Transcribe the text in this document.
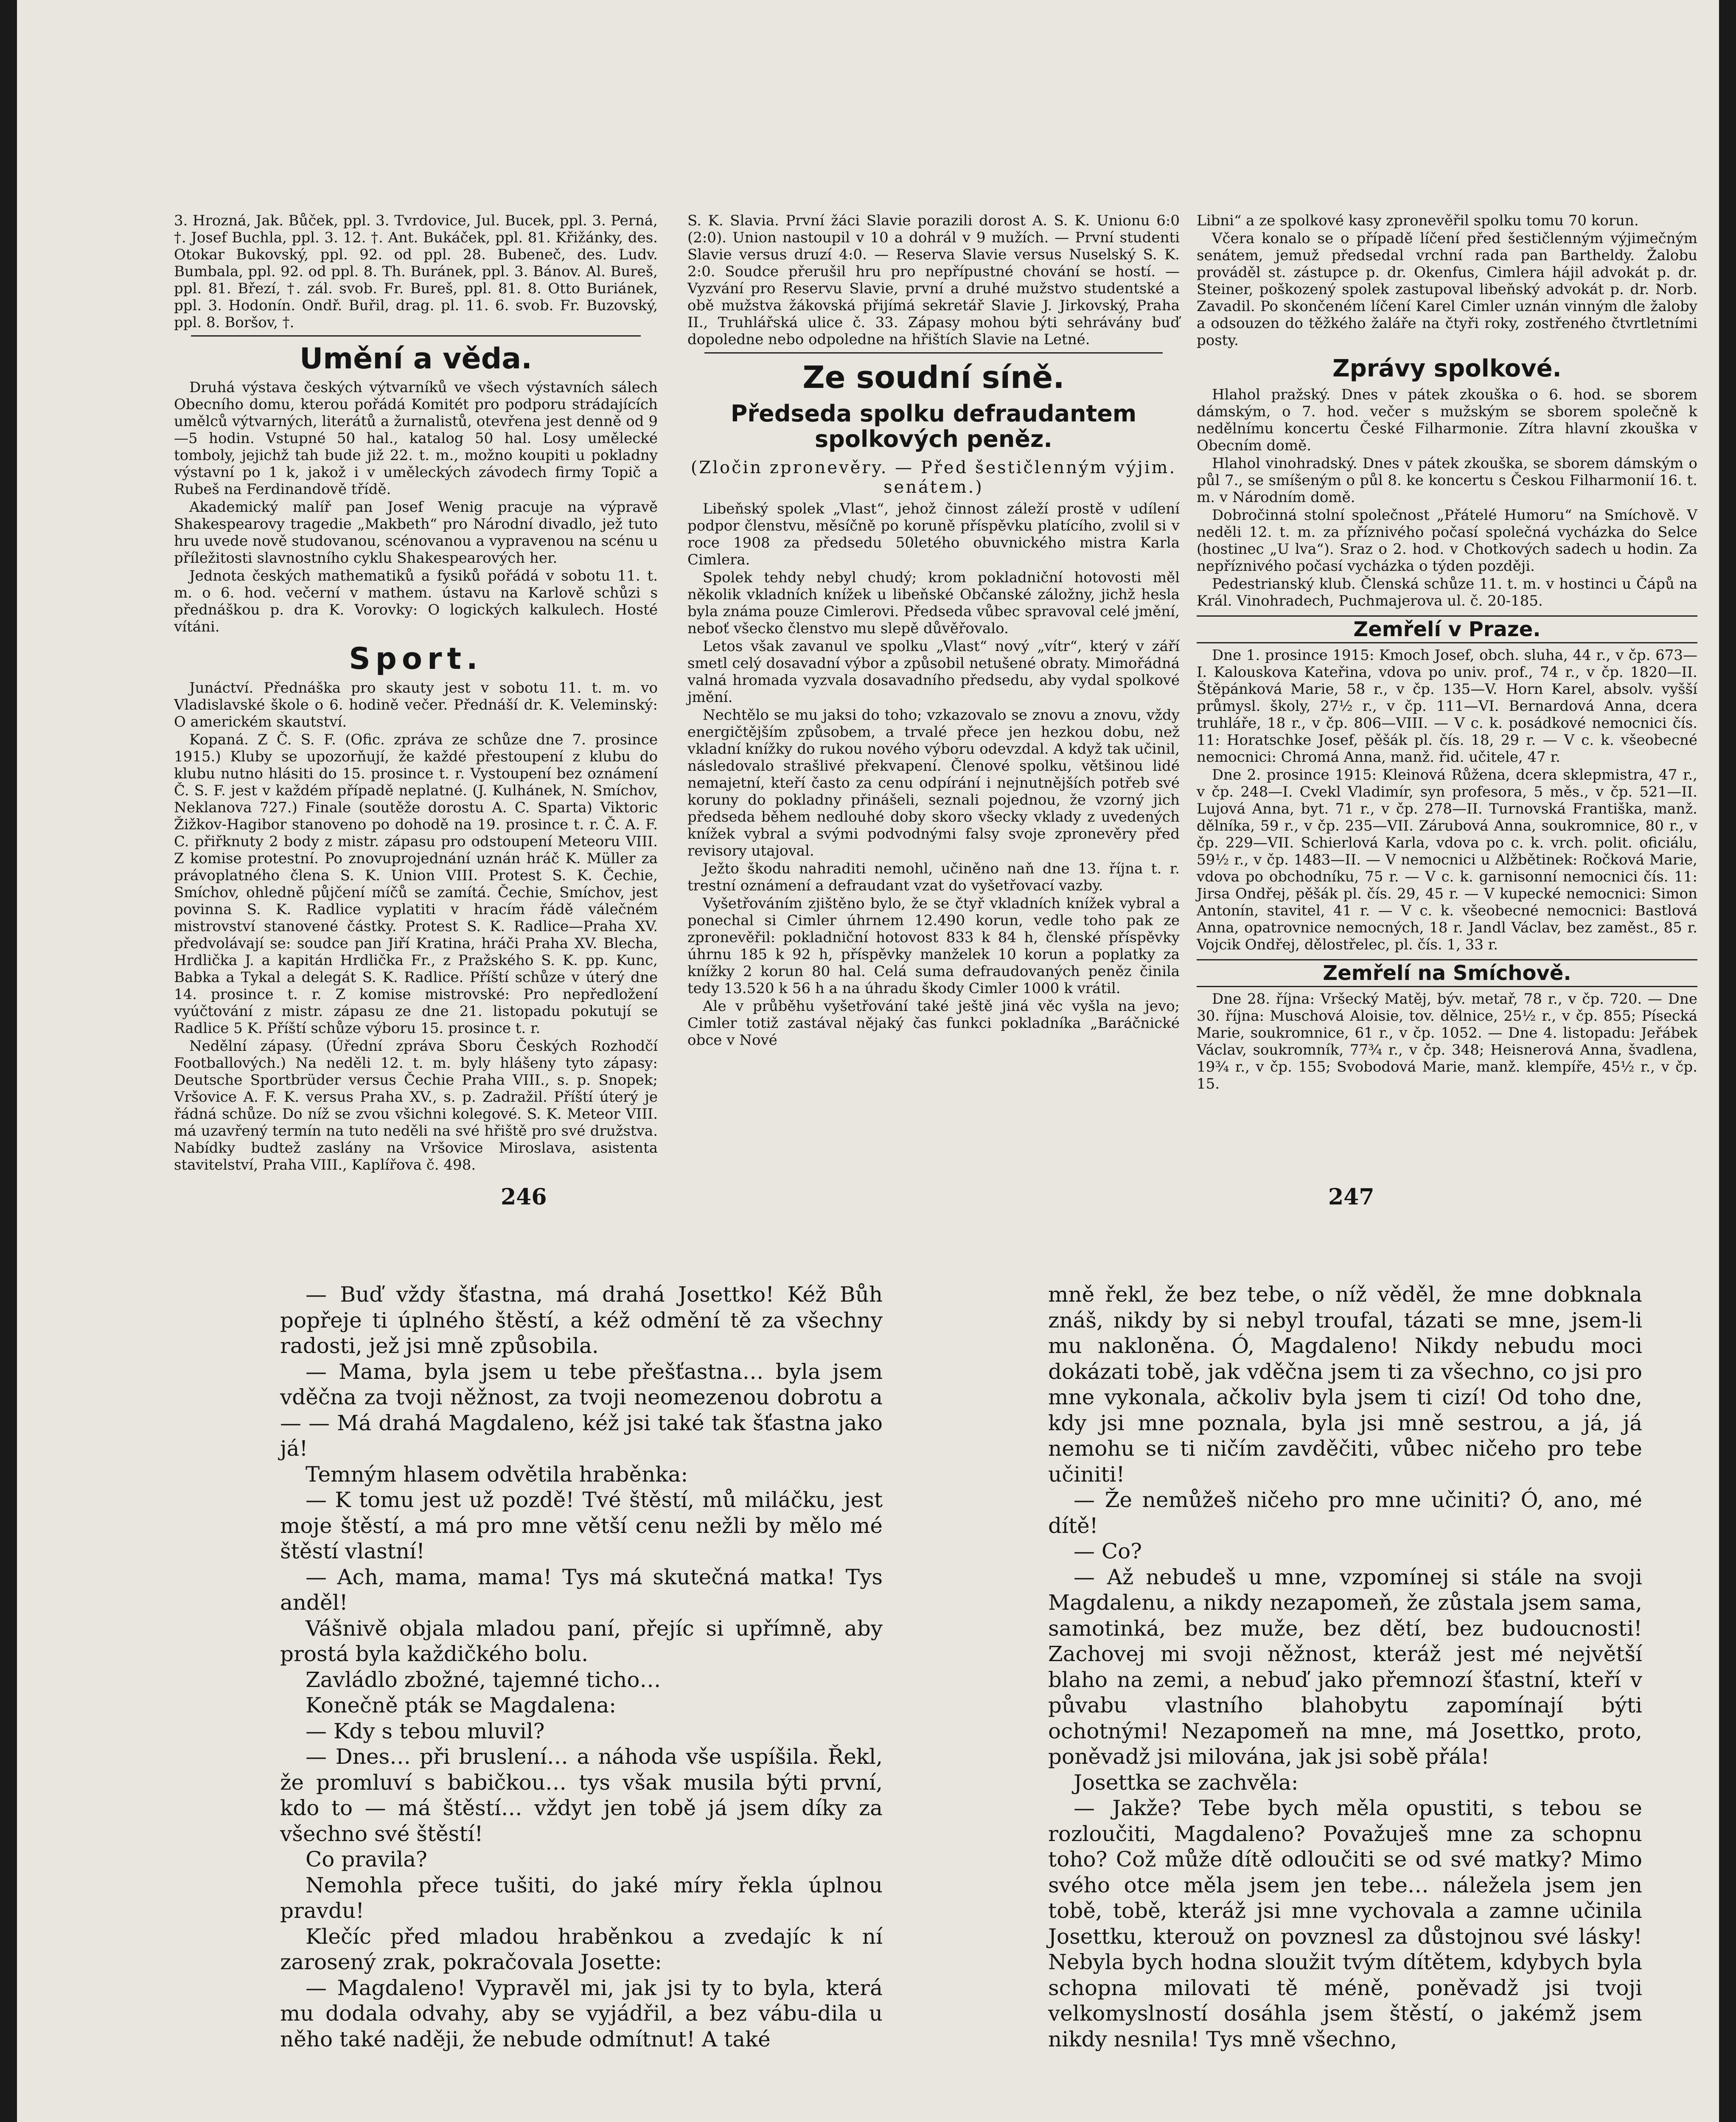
3. Hrozná, Jak. Bůček, ppl. 3. Tvrdovice, Jul. Bucek, ppl. 3. Perná, †. Josef Buchla, ppl. 3. 12. †. Ant. Bukáček, ppl. 81. Křižánky, des. Otokar Bukovský, ppl. 92. od ppl. 28. Bubeneč, des. Ludv. Bumbala, ppl. 92. od ppl. 8. Th. Buránek, ppl. 3. Bánov. Al. Bureš, ppl. 81. Březí, †. zál. svob. Fr. Bureš, ppl. 81. 8. Otto Buriánek, ppl. 3. Hodonín. Ondř. Buřil, drag. pl. 11. 6. svob. Fr. Buzovský, ppl. 8. Boršov, †.

Umění a věda.

Druhá výstava českých výtvarníků ve všech výstavních sálech Obecního domu, kterou pořádá Komitét pro podporu strádajících umělců výtvarných, literátů a žurnalistů, otevřena jest denně od 9—5 hodin. Vstupné 50 hal., katalog 50 hal. Losy umělecké tomboly, jejichž tah bude již 22. t. m., možno koupiti u pokladny výstavní po 1 k, jakož i v uměleckých závodech firmy Topič a Rubeš na Ferdinandově třídě.

Akademický malíř pan Josef Wenig pracuje na výpravě Shakespearovy tragedie „Makbeth“ pro Národní divadlo, jež tuto hru uvede nově studovanou, scénovanou a vypravenou na scénu u příležitosti slavnostního cyklu Shakespearových her.

Jednota českých mathematiků a fysiků pořádá v sobotu 11. t. m. o 6. hod. večerní v mathem. ústavu na Karlově schůzi s přednáškou p. dra K. Vorovky: O logických kalkulech. Hosté vítáni.

Sport.

Junáctví. Přednáška pro skauty jest v sobotu 11. t. m. vo Vladislavské škole o 6. hodině večer. Přednáší dr. K. Veleminský: O americkém skautství.

Kopaná. Z Č. S. F. (Ofic. zpráva ze schůze dne 7. prosince 1915.) Kluby se upozorňují, že každé přestoupení z klubu do klubu nutno hlásiti do 15. prosince t. r. Vystoupení bez oznámení Č. S. F. jest v každém případě neplatné. (J. Kulhánek, N. Smíchov, Neklanova 727.) Finale (soutěže dorostu A. C. Sparta) Viktoric Žižkov-Hagibor stanoveno po dohodě na 19. prosince t. r. Č. A. F. C. přiřknuty 2 body z mistr. zápasu pro odstoupení Meteoru VIII. Z komise protestní. Po znovuprojednání uznán hráč K. Müller za právoplatného člena S. K. Union VIII. Protest S. K. Čechie, Smíchov, ohledně půjčení míčů se zamítá. Čechie, Smíchov, jest povinna S. K. Radlice vyplatiti v hracím řádě válečném mistrovství stanovené částky. Protest S. K. Radlice—Praha XV. předvolávají se: soudce pan Jiří Kratina, hráči Praha XV. Blecha, Hrdlička J. a kapitán Hrdlička Fr., z Pražského S. K. pp. Kunc, Babka a Tykal a delegát S. K. Radlice. Příští schůze v úterý dne 14. prosince t. r. Z komise mistrovské: Pro nepředložení vyúčtování z mistr. zápasu ze dne 21. listopadu pokutují se Radlice 5 K. Příští schůze výboru 15. prosince t. r.

Nedělní zápasy. (Úřední zpráva Sboru Českých Rozhodčí Footballových.) Na neděli 12. t. m. byly hlášeny tyto zápasy: Deutsche Sportbrüder versus Čechie Praha VIII., s. p. Snopek; Vršovice A. F. K. versus Praha XV., s. p. Zadražil. Příští úterý je řádná schůze. Do níž se zvou všichni kolegové. S. K. Meteor VIII. má uzavřený termín na tuto neděli na své hřiště pro své družstva. Nabídky budtež zaslány na Vršovice Miroslava, asistenta stavitelství, Praha VIII., Kaplířova č. 498.

S. K. Slavia. První žáci Slavie porazili dorost A. S. K. Unionu 6:0 (2:0). Union nastoupil v 10 a dohrál v 9 mužích. — První studenti Slavie versus druzí 4:0. — Reserva Slavie versus Nuselský S. K. 2:0. Soudce přerušil hru pro nepřípustné chování se hostí. — Vyzvání pro Reservu Slavie, první a druhé mužstvo studentské a obě mužstva žákovská přijímá sekretář Slavie J. Jirkovský, Praha II., Truhlářská ulice č. 33. Zápasy mohou býti sehrávány buď dopoledne nebo odpoledne na hřištích Slavie na Letné.

Ze soudní síně.
Předseda spolku defraudantem spolkových peněz.
(Zločin zpronevěry. — Před šestičlenným výjim. senátem.)

Libeňský spolek „Vlast“, jehož činnost záleží prostě v udílení podpor členstvu, měsíčně po koruně příspěvku platícího, zvolil si v roce 1908 za předsedu 50letého obuvnického mistra Karla Cimlera.

Spolek tehdy nebyl chudý; krom pokladniční hotovosti měl několik vkladních knížek u libeňské Občanské záložny, jichž hesla byla známa pouze Cimlerovi. Předseda vůbec spravoval celé jmění, neboť všecko členstvo mu slepě důvěřovalo.

Letos však zavanul ve spolku „Vlast“ nový „vítr“, který v září smetl celý dosavadní výbor a způsobil netušené obraty. Mimořádná valná hromada vyzvala dosavadního předsedu, aby vydal spolkové jmění.

Nechtělo se mu jaksi do toho; vzkazovalo se znovu a znovu, vždy energičtějším způsobem, a trvalé přece jen hezkou dobu, než vkladní knížky do rukou nového výboru odevzdal. A když tak učinil, následovalo strašlivé překvapení. Členové spolku, většinou lidé nemajetní, kteří často za cenu odpírání i nejnutnějších potřeb své koruny do pokladny přinášeli, seznali pojednou, že vzorný jich předseda během nedlouhé doby skoro všecky vklady z uvedených knížek vybral a svými podvodnými falsy svoje zpronevěry před revisory utajoval.

Ježto škodu nahraditi nemohl, učiněno naň dne 13. října t. r. trestní oznámení a defraudant vzat do vyšetřovací vazby.

Vyšetřováním zjištěno bylo, že se čtyř vkladních knížek vybral a ponechal si Cimler úhrnem 12.490 korun, vedle toho pak ze zpronevěřil: pokladniční hotovost 833 k 84 h, členské příspěvky úhrnu 185 k 92 h, příspěvky manželek 10 korun a poplatky za knížky 2 korun 80 hal. Celá suma defraudovaných peněz činila tedy 13.520 k 56 h a na úhradu škody Cimler 1000 k vrátil.

Ale v průběhu vyšetřování také ještě jiná věc vyšla na jevo; Cimler totiž zastával nějaký čas funkci pokladníka „Baráčnické obce v Nové

Libni“ a ze spolkové kasy zpronevěřil spolku tomu 70 korun.

Včera konalo se o případě líčení před šestičlenným výjimečným senátem, jemuž předsedal vrchní rada pan Bartheldy. Žalobu prováděl st. zástupce p. dr. Okenfus, Cimlera hájil advokát p. dr. Steiner, poškozený spolek zastupoval libeňský advokát p. dr. Norb. Zavadil. Po skončeném líčení Karel Cimler uznán vinným dle žaloby a odsouzen do těžkého žaláře na čtyři roky, zostřeného čtvrtletními posty.

Zprávy spolkové.

Hlahol pražský. Dnes v pátek zkouška o 6. hod. se sborem dámským, o 7. hod. večer s mužským se sborem společně k nedělnímu koncertu České Filharmonie. Zítra hlavní zkouška v Obecním domě.

Hlahol vinohradský. Dnes v pátek zkouška, se sborem dámským o půl 7., se smíšeným o půl 8. ke koncertu s Českou Filharmonií 16. t. m. v Národním domě.

Dobročinná stolní společnost „Přátelé Humoru“ na Smíchově. V neděli 12. t. m. za příznivého počasí společná vycházka do Selce (hostinec „U lva“). Sraz o 2. hod. v Chotkových sadech u hodin. Za nepříznivého počasí vycházka o týden později.

Pedestrianský klub. Členská schůze 11. t. m. v hostinci u Čápů na Král. Vinohradech, Puchmajerova ul. č. 20-185.

Zemřelí v Praze.

Dne 1. prosince 1915: Kmoch Josef, obch. sluha, 44 r., v čp. 673—I. Kalouskova Kateřina, vdova po univ. prof., 74 r., v čp. 1820—II. Štěpánková Marie, 58 r., v čp. 135—V. Horn Karel, absolv. vyšší průmysl. školy, 27½ r., v čp. 111—VI. Bernardová Anna, dcera truhláře, 18 r., v čp. 806—VIII. — V c. k. posádkové nemocnici čís. 11: Horatschke Josef, pěšák pl. čís. 18, 29 r. — V c. k. všeobecné nemocnici: Chromá Anna, manž. řid. učitele, 47 r.

Dne 2. prosince 1915: Kleinová Růžena, dcera sklepmistra, 47 r., v čp. 248—I. Cvekl Vladimír, syn profesora, 5 měs., v čp. 521—II. Lujová Anna, byt. 71 r., v čp. 278—II. Turnovská Františka, manž. dělníka, 59 r., v čp. 235—VII. Zárubová Anna, soukromnice, 80 r., v čp. 229—VII. Schierlová Karla, vdova po c. k. vrch. polit. oficiálu, 59½ r., v čp. 1483—II. — V nemocnici u Alžbětinek: Ročková Marie, vdova po obchodníku, 75 r. — V c. k. garnisonní nemocnici čís. 11: Jirsa Ondřej, pěšák pl. čís. 29, 45 r. — V kupecké nemocnici: Simon Antonín, stavitel, 41 r. — V c. k. všeobecné nemocnici: Bastlová Anna, opatrovnice nemocných, 18 r. Jandl Václav, bez zaměst., 85 r. Vojcik Ondřej, dělostřelec, pl. čís. 1, 33 r.

Zemřelí na Smíchově.

Dne 28. října: Vršecký Matěj, býv. metař, 78 r., v čp. 720. — Dne 30. října: Muschová Aloisie, tov. dělnice, 25½ r., v čp. 855; Písecká Marie, soukromnice, 61 r., v čp. 1052. — Dne 4. listopadu: Jeřábek Václav, soukromník, 77¾ r., v čp. 348; Heisnerová Anna, švadlena, 19¾ r., v čp. 155; Svobodová Marie, manž. klempíře, 45½ r., v čp. 15.

246	247

— Buď vždy šťastna, má drahá Josettko! Kéž Bůh popřeje ti úplného štěstí, a kéž odmění tě za všechny radosti, jež jsi mně způsobila.

— Mama, byla jsem u tebe přešťastna… byla jsem vděčna za tvoji něžnost, za tvoji neomezenou dobrotu a — — Má drahá Magdaleno, kéž jsi také tak šťastna jako já!

Temným hlasem odvětila hraběnka:

— K tomu jest už pozdě! Tvé štěstí, mů miláčku, jest moje štěstí, a má pro mne větší cenu nežli by mělo mé štěstí vlastní!

— Ach, mama, mama! Tys má skutečná matka! Tys anděl!

Vášnivě objala mladou paní, přejíc si upřímně, aby prostá byla každičkého bolu.

Zavládlo zbožné, tajemné ticho…

Konečně pták se Magdalena:

— Kdy s tebou mluvil?

— Dnes… při bruslení… a náhoda vše uspíšila. Řekl, že promluví s babičkou… tys však musila býti první, kdo to — má štěstí… vždyt jen tobě já jsem díky za všechno své štěstí!

Co pravila?

Nemohla přece tušiti, do jaké míry řekla úplnou pravdu!

Klečíc před mladou hraběnkou a zvedajíc k ní zarosený zrak, pokračovala Josette:

— Magdaleno! Vypravěl mi, jak jsi ty to byla, která mu dodala odvahy, aby se vyjádřil, a bez vábu-dila u něho také naději, že nebude odmítnut! A také

mně řekl, že bez tebe, o níž věděl, že mne dobknala znáš, nikdy by si nebyl troufal, tázati se mne, jsem-li mu nakloněna. Ó, Magdaleno! Nikdy nebudu moci dokázati tobě, jak vděčna jsem ti za všechno, co jsi pro mne vykonala, ačkoliv byla jsem ti cizí! Od toho dne, kdy jsi mne poznala, byla jsi mně sestrou, a já, já nemohu se ti ničím zavděčiti, vůbec ničeho pro tebe učiniti!

— Že nemůžeš ničeho pro mne učiniti? Ó, ano, mé dítě!

— Co?

— Až nebudeš u mne, vzpomínej si stále na svoji Magdalenu, a nikdy nezapomeň, že zůstala jsem sama, samotinká, bez muže, bez dětí, bez budoucnosti! Zachovej mi svoji něžnost, kteráž jest mé největší blaho na zemi, a nebuď jako přemnozí šťastní, kteří v půvabu vlastního blahobytu zapomínají býti ochotnými! Nezapomeň na mne, má Josettko, proto, poněvadž jsi milována, jak jsi sobě přála!

Josettka se zachvěla:

— Jakže? Tebe bych měla opustiti, s tebou se rozloučiti, Magdaleno? Považuješ mne za schopnu toho? Což může dítě odloučiti se od své matky? Mimo svého otce měla jsem jen tebe… náležela jsem jen tobě, tobě, kteráž jsi mne vychovala a zamne učinila Josettku, kterouž on povznesl za důstojnou své lásky! Nebyla bych hodna sloužit tvým dítětem, kdybych byla schopna milovati tě méně, poněvadž jsi tvoji velkomyslností dosáhla jsem štěstí, o jakémž jsem nikdy nesnila! Tys mně všechno,
